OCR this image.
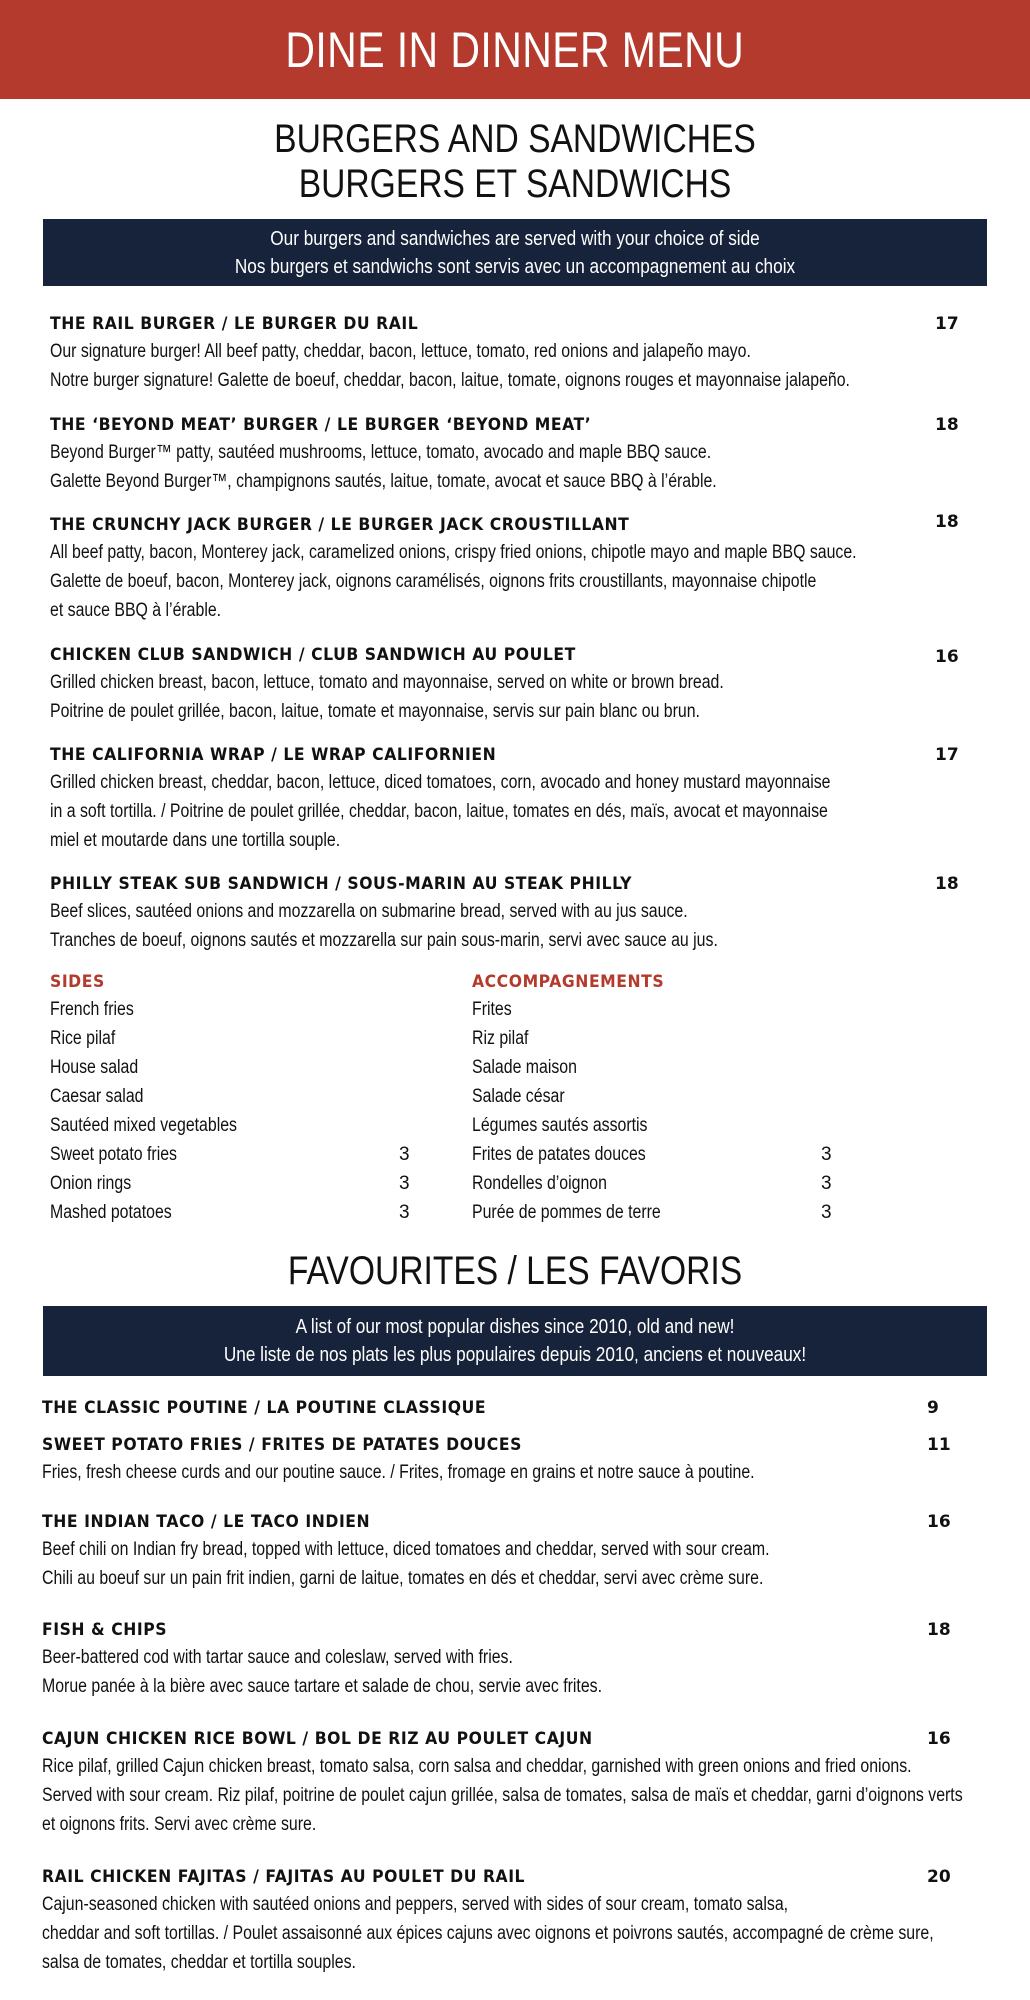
DINE IN DINNER MENU
BURGERS AND SANDWICHES
BURGERS ET SANDWICHS
Our burgers and sandwiches are served with your choice of side
Nos burgers et sandwichs sont servis avec un accompagnement au choix
THE RAIL BURGER / LE BURGER DU RAIL
Our signature burger! All beef patty, cheddar, bacon, lettuce, tomato, red onions and jalapeño mayo.
Notre burger signature! Galette de boeuf, cheddar, bacon, laitue, tomate, oignons rouges et mayonnaise jalapeño.
17
THE ‘BEYOND MEAT’ BURGER / LE BURGER ‘BEYOND MEAT’
Beyond Burger™ patty, sautéed mushrooms, lettuce, tomato, avocado and maple BBQ sauce.
Galette Beyond Burger™, champignons sautés, laitue, tomate, avocat et sauce BBQ à l’érable.
18
THE CRUNCHY JACK BURGER / LE BURGER JACK CROUSTILLANT
All beef patty, bacon, Monterey jack, caramelized onions, crispy fried onions, chipotle mayo and maple BBQ sauce.
Galette de boeuf, bacon, Monterey jack, oignons caramélisés, oignons frits croustillants, mayonnaise chipotle
et sauce BBQ à l’érable.
18
CHICKEN CLUB SANDWICH / CLUB SANDWICH AU POULET
Grilled chicken breast, bacon, lettuce, tomato and mayonnaise, served on white or brown bread.
Poitrine de poulet grillée, bacon, laitue, tomate et mayonnaise, servis sur pain blanc ou brun.
16
THE CALIFORNIA WRAP / LE WRAP CALIFORNIEN
Grilled chicken breast, cheddar, bacon, lettuce, diced tomatoes, corn, avocado and honey mustard mayonnaise
in a soft tortilla. / Poitrine de poulet grillée, cheddar, bacon, laitue, tomates en dés, maïs, avocat et mayonnaise
miel et moutarde dans une tortilla souple.
17
PHILLY STEAK SUB SANDWICH / SOUS-MARIN AU STEAK PHILLY
Beef slices, sautéed onions and mozzarella on submarine bread, served with au jus sauce.
Tranches de boeuf, oignons sautés et mozzarella sur pain sous-marin, servi avec sauce au jus.
18
SIDES
French fries
Rice pilaf
House salad
Caesar salad
Sautéed mixed vegetables
Sweet potato fries	3
Onion rings	3
Mashed potatoes	3
ACCOMPAGNEMENTS
Frites
Riz pilaf
Salade maison
Salade césar
Légumes sautés assortis
Frites de patates douces	3
Rondelles d’oignon	3
Purée de pommes de terre	3
FAVOURITES / LES FAVORIS
A list of our most popular dishes since 2010, old and new!
Une liste de nos plats les plus populaires depuis 2010, anciens et nouveaux!
THE CLASSIC POUTINE / LA POUTINE CLASSIQUE	9
SWEET POTATO FRIES / FRITES DE PATATES DOUCES
Fries, fresh cheese curds and our poutine sauce. / Frites, fromage en grains et notre sauce à poutine.
11
THE INDIAN TACO / LE TACO INDIEN
Beef chili on Indian fry bread, topped with lettuce, diced tomatoes and cheddar, served with sour cream.
Chili au boeuf sur un pain frit indien, garni de laitue, tomates en dés et cheddar, servi avec crème sure.
16
FISH & CHIPS
Beer-battered cod with tartar sauce and coleslaw, served with fries.
Morue panée à la bière avec sauce tartare et salade de chou, servie avec frites.
18
CAJUN CHICKEN RICE BOWL / BOL DE RIZ AU POULET CAJUN
Rice pilaf, grilled Cajun chicken breast, tomato salsa, corn salsa and cheddar, garnished with green onions and fried onions.
Served with sour cream. Riz pilaf, poitrine de poulet cajun grillée, salsa de tomates, salsa de maïs et cheddar, garni d’oignons verts
et oignons frits. Servi avec crème sure.
16
RAIL CHICKEN FAJITAS / FAJITAS AU POULET DU RAIL
Cajun-seasoned chicken with sautéed onions and peppers, served with sides of sour cream, tomato salsa,
cheddar and soft tortillas. / Poulet assaisonné aux épices cajuns avec oignons et poivrons sautés, accompagné de crème sure,
salsa de tomates, cheddar et tortilla souples.
20
